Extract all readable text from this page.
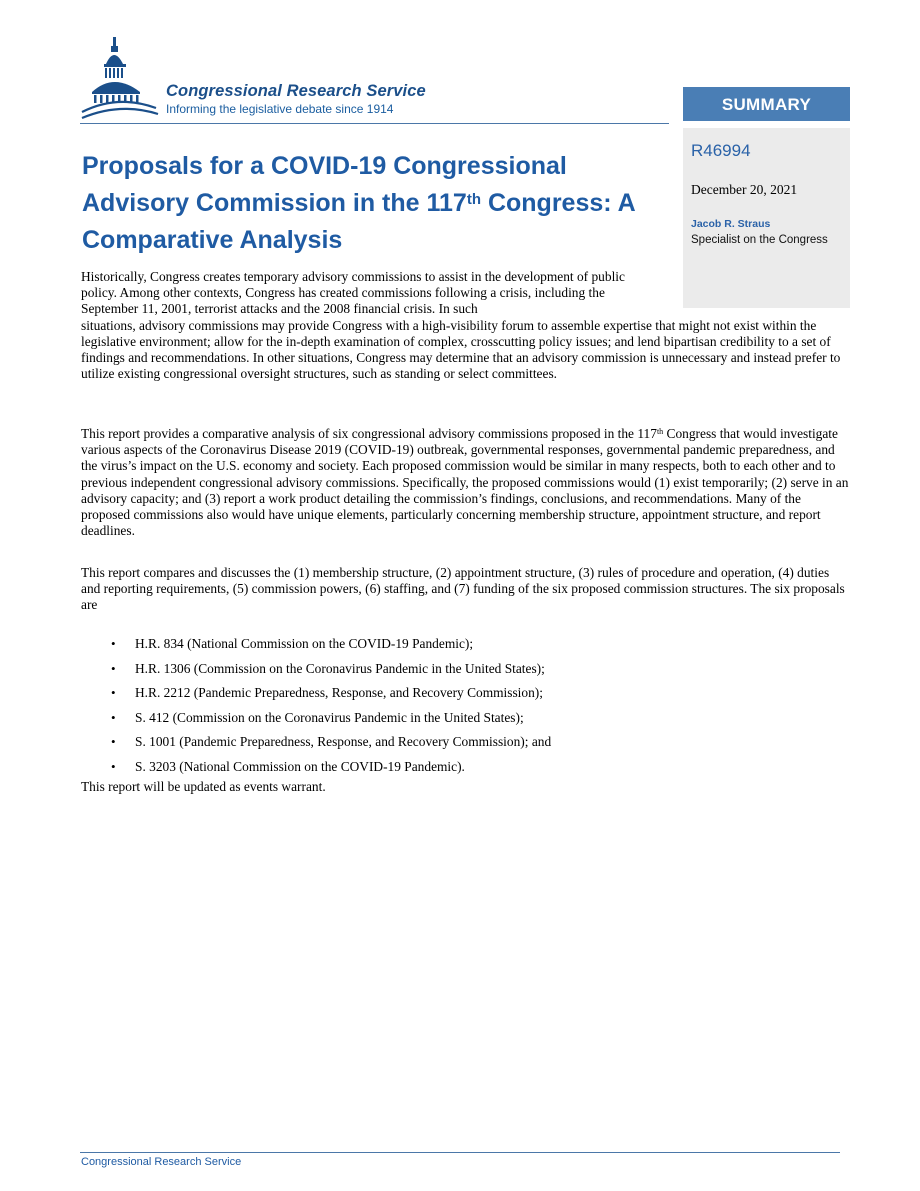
Congressional Research Service
Informing the legislative debate since 1914	SUMMARY
R46994
December 20, 2021
Jacob R. Straus
Specialist on the Congress
Proposals for a COVID-19 Congressional Advisory Commission in the 117th Congress: A Comparative Analysis

Historically, Congress creates temporary advisory commissions to assist in the development of public policy. Among other contexts, Congress has created commissions following a crisis, including the September 11, 2001, terrorist attacks and the 2008 financial crisis. In such
situations, advisory commissions may provide Congress with a high-visibility forum to assemble expertise that might not exist within the legislative environment; allow for the in-depth examination of complex, crosscutting policy issues; and lend bipartisan credibility to a set of findings and recommendations. In other situations, Congress may determine that an advisory commission is unnecessary and instead prefer to utilize existing congressional oversight structures, such as standing or select committees.

This report provides a comparative analysis of six congressional advisory commissions proposed in the 117th Congress that would investigate various aspects of the Coronavirus Disease 2019 (COVID-19) outbreak, governmental responses, governmental pandemic preparedness, and the virus’s impact on the U.S. economy and society. Each proposed commission would be similar in many respects, both to each other and to previous independent congressional advisory commissions. Specifically, the proposed commissions would (1) exist temporarily; (2) serve in an advisory capacity; and (3) report a work product detailing the commission’s findings, conclusions, and recommendations. Many of the proposed commissions also would have unique elements, particularly concerning membership structure, appointment structure, and report deadlines.

This report compares and discusses the (1) membership structure, (2) appointment structure, (3) rules of procedure and operation, (4) duties and reporting requirements, (5) commission powers, (6) staffing, and (7) funding of the six proposed commission structures. The six proposals are

• H.R. 834 (National Commission on the COVID-19 Pandemic);
• H.R. 1306 (Commission on the Coronavirus Pandemic in the United States);
• H.R. 2212 (Pandemic Preparedness, Response, and Recovery Commission);
• S. 412 (Commission on the Coronavirus Pandemic in the United States);
• S. 1001 (Pandemic Preparedness, Response, and Recovery Commission); and
• S. 3203 (National Commission on the COVID-19 Pandemic).

This report will be updated as events warrant.

Congressional Research Service
